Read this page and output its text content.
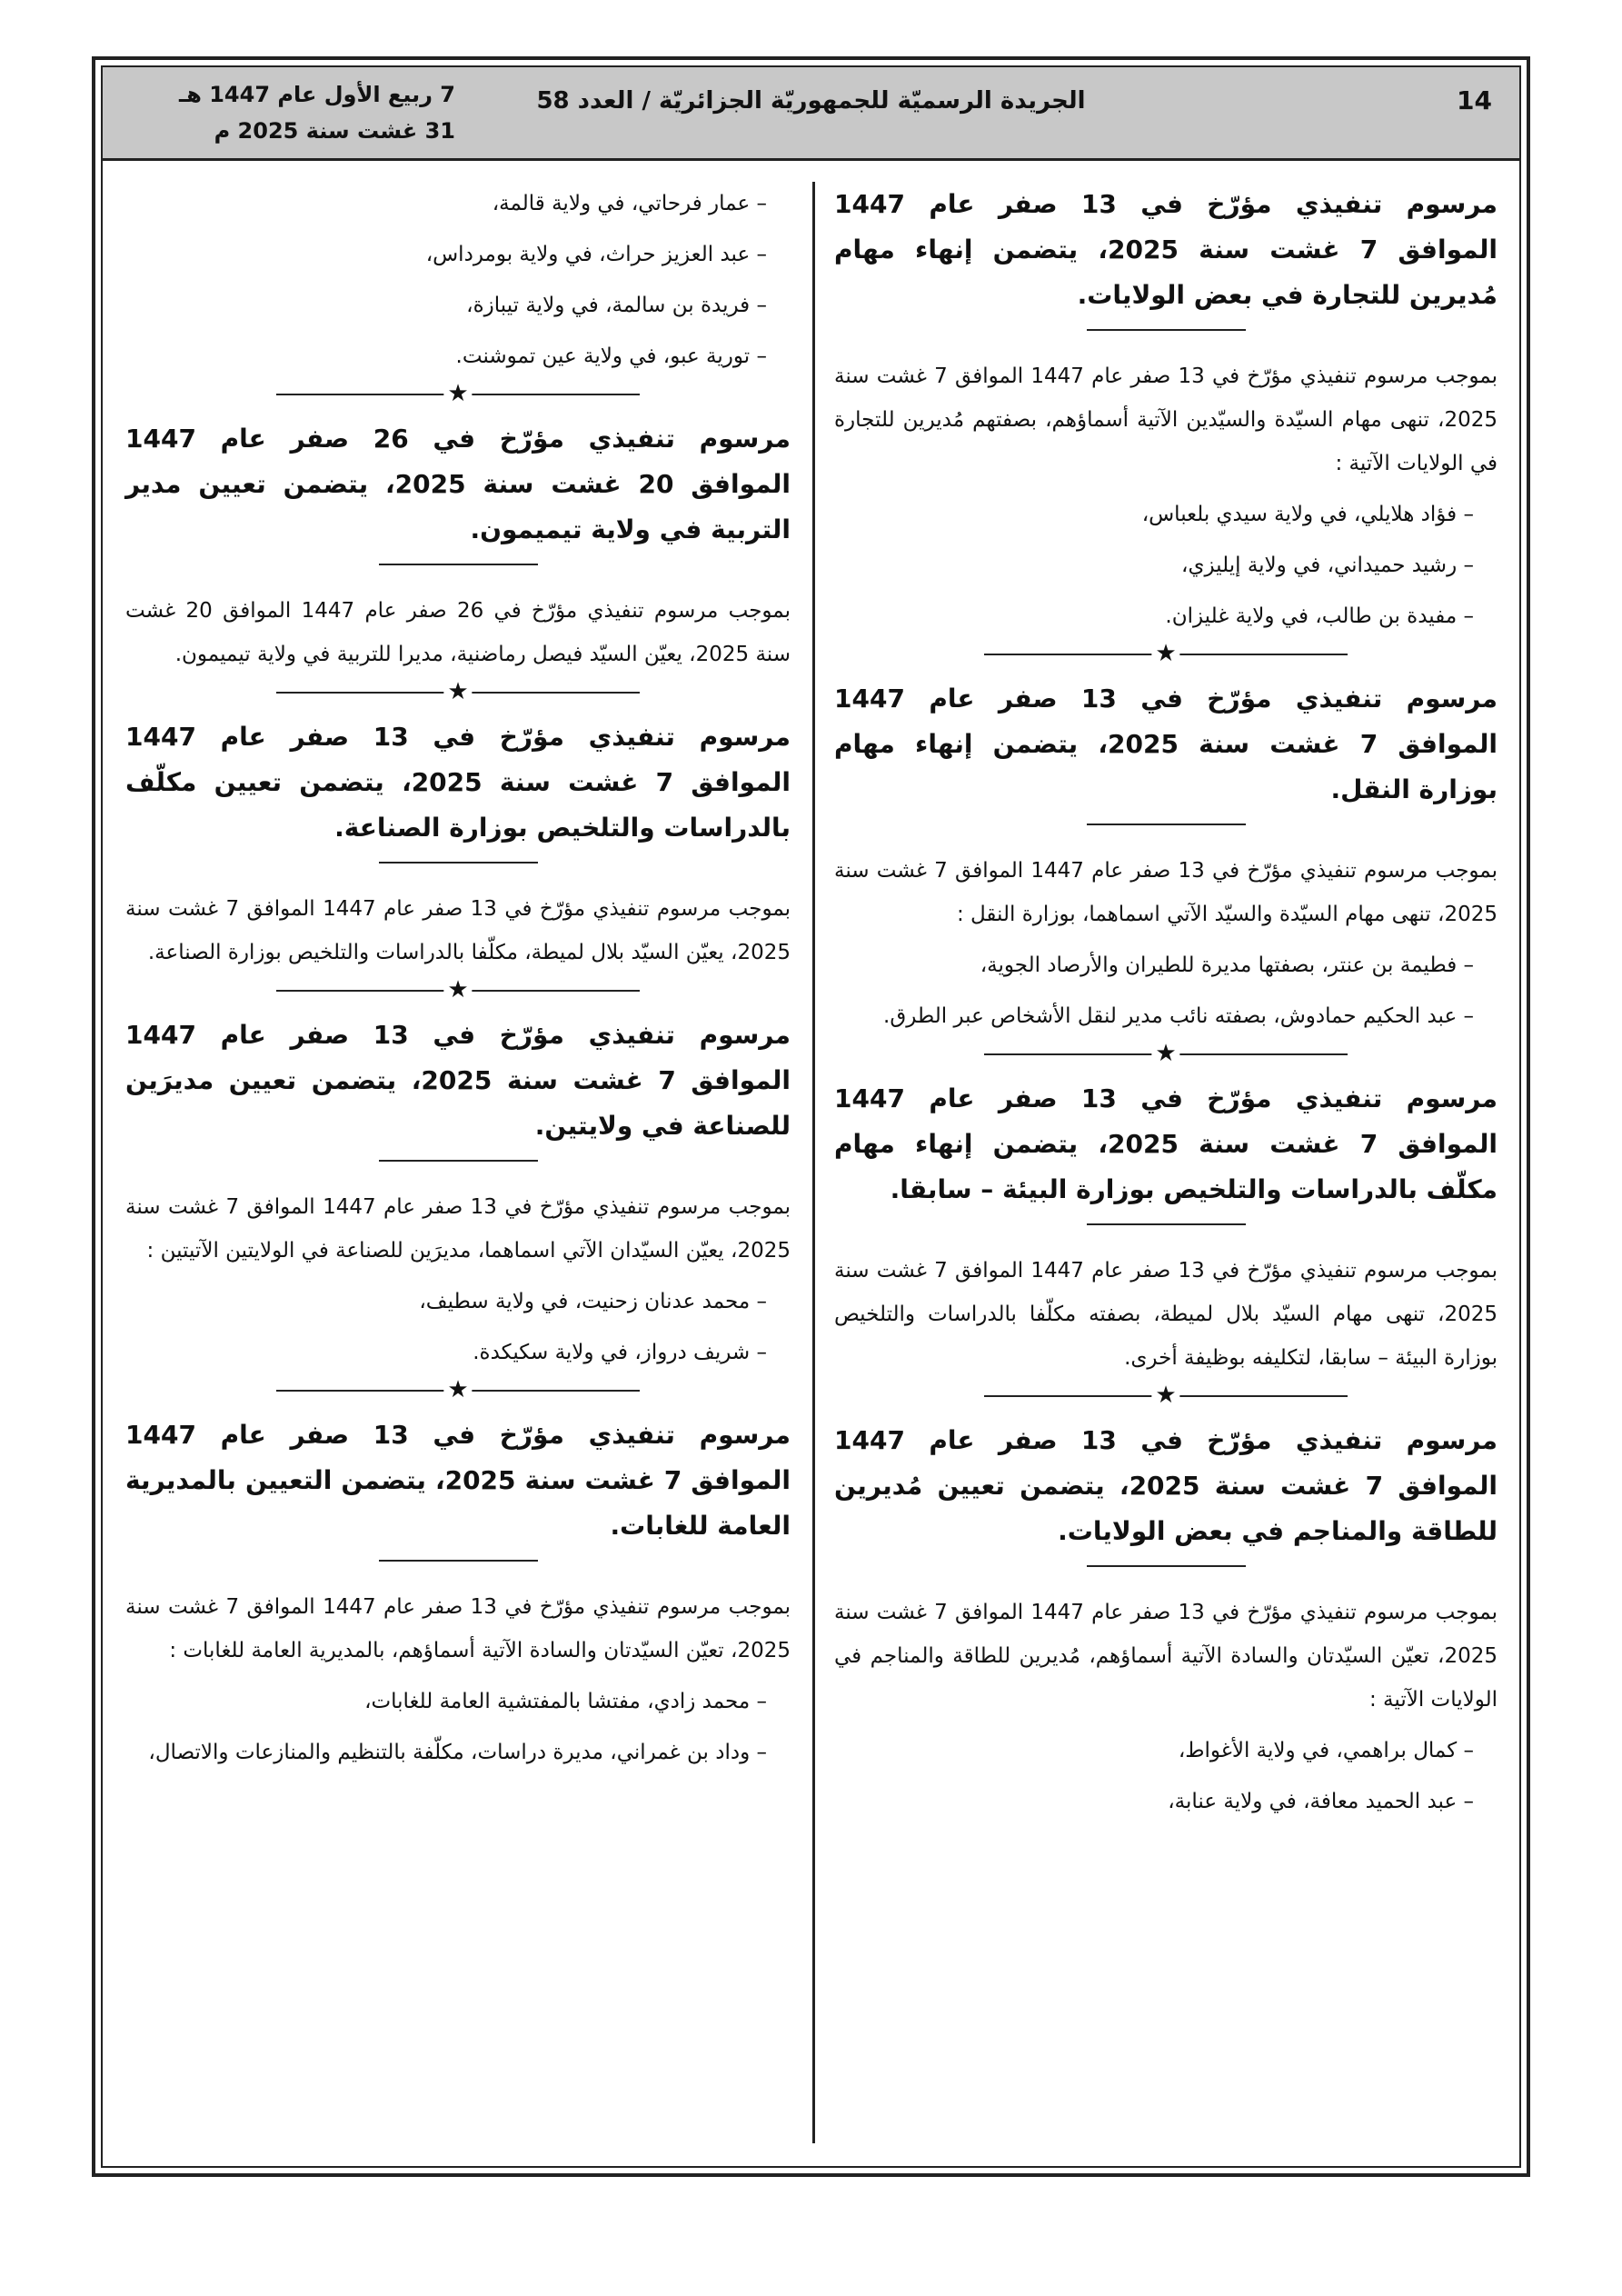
14
الجريدة الرسميّة للجمهوريّة الجزائريّة / العدد 58
7 ربيع الأول عام 1447 هـ
31 غشت سنة 2025 م

مرسوم تنفيذي مؤرّخ في 13 صفر عام 1447 الموافق 7 غشت سنة 2025، يتضمن إنهاء مهام مُديرين للتجارة في بعض الولايات.

بموجب مرسوم تنفيذي مؤرّخ في 13 صفر عام 1447 الموافق 7 غشت سنة 2025، تنهى مهام السيّدة والسيّدين الآتية أسماؤهم، بصفتهم مُديرين للتجارة في الولايات الآتية :

– فؤاد هلايلي، في ولاية سيدي بلعباس،

– رشيد حميداني، في ولاية إيليزي،

– مفيدة بن طالب، في ولاية غليزان.

★

مرسوم تنفيذي مؤرّخ في 13 صفر عام 1447 الموافق 7 غشت سنة 2025، يتضمن إنهاء مهام بوزارة النقل.

بموجب مرسوم تنفيذي مؤرّخ في 13 صفر عام 1447 الموافق 7 غشت سنة 2025، تنهى مهام السيّدة والسيّد الآتي اسماهما، بوزارة النقل :

– فطيمة بن عنتر، بصفتها مديرة للطيران والأرصاد الجوية،

– عبد الحكيم حمادوش، بصفته نائب مدير لنقل الأشخاص عبر الطرق.

★

مرسوم تنفيذي مؤرّخ في 13 صفر عام 1447 الموافق 7 غشت سنة 2025، يتضمن إنهاء مهام مكلّف بالدراسات والتلخيص بوزارة البيئة – سابقا.

بموجب مرسوم تنفيذي مؤرّخ في 13 صفر عام 1447 الموافق 7 غشت سنة 2025، تنهى مهام السيّد بلال لميطة، بصفته مكلّفا بالدراسات والتلخيص بوزارة البيئة – سابقا، لتكليفه بوظيفة أخرى.

★

مرسوم تنفيذي مؤرّخ في 13 صفر عام 1447 الموافق 7 غشت سنة 2025، يتضمن تعيين مُديرين للطاقة والمناجم في بعض الولايات.

بموجب مرسوم تنفيذي مؤرّخ في 13 صفر عام 1447 الموافق 7 غشت سنة 2025، تعيّن السيّدتان والسادة الآتية أسماؤهم، مُديرين للطاقة والمناجم في الولايات الآتية :

– كمال براهمي، في ولاية الأغواط،

– عبد الحميد معافة، في ولاية عنابة،

– عمار فرحاتي، في ولاية قالمة،

– عبد العزيز حراث، في ولاية بومرداس،

– فريدة بن سالمة، في ولاية تيبازة،

– تورية عبو، في ولاية عين تموشنت.

★

مرسوم تنفيذي مؤرّخ في 26 صفر عام 1447 الموافق 20 غشت سنة 2025، يتضمن تعيين مدير التربية في ولاية تيميمون.

بموجب مرسوم تنفيذي مؤرّخ في 26 صفر عام 1447 الموافق 20 غشت سنة 2025، يعيّن السيّد فيصل رماضنية، مديرا للتربية في ولاية تيميمون.

★

مرسوم تنفيذي مؤرّخ في 13 صفر عام 1447 الموافق 7 غشت سنة 2025، يتضمن تعيين مكلّف بالدراسات والتلخيص بوزارة الصناعة.

بموجب مرسوم تنفيذي مؤرّخ في 13 صفر عام 1447 الموافق 7 غشت سنة 2025، يعيّن السيّد بلال لميطة، مكلّفا بالدراسات والتلخيص بوزارة الصناعة.

★

مرسوم تنفيذي مؤرّخ في 13 صفر عام 1447 الموافق 7 غشت سنة 2025، يتضمن تعيين مديرَين للصناعة في ولايتين.

بموجب مرسوم تنفيذي مؤرّخ في 13 صفر عام 1447 الموافق 7 غشت سنة 2025، يعيّن السيّدان الآتي اسماهما، مديرَين للصناعة في الولايتين الآتيتين :

– محمد عدنان زحنيت، في ولاية سطيف،

– شريف درواز، في ولاية سكيكدة.

★

مرسوم تنفيذي مؤرّخ في 13 صفر عام 1447 الموافق 7 غشت سنة 2025، يتضمن التعيين بالمديرية العامة للغابات.

بموجب مرسوم تنفيذي مؤرّخ في 13 صفر عام 1447 الموافق 7 غشت سنة 2025، تعيّن السيّدتان والسادة الآتية أسماؤهم، بالمديرية العامة للغابات :

– محمد زادي، مفتشا بالمفتشية العامة للغابات،

– وداد بن غمراني، مديرة دراسات، مكلّفة بالتنظيم والمنازعات والاتصال،
